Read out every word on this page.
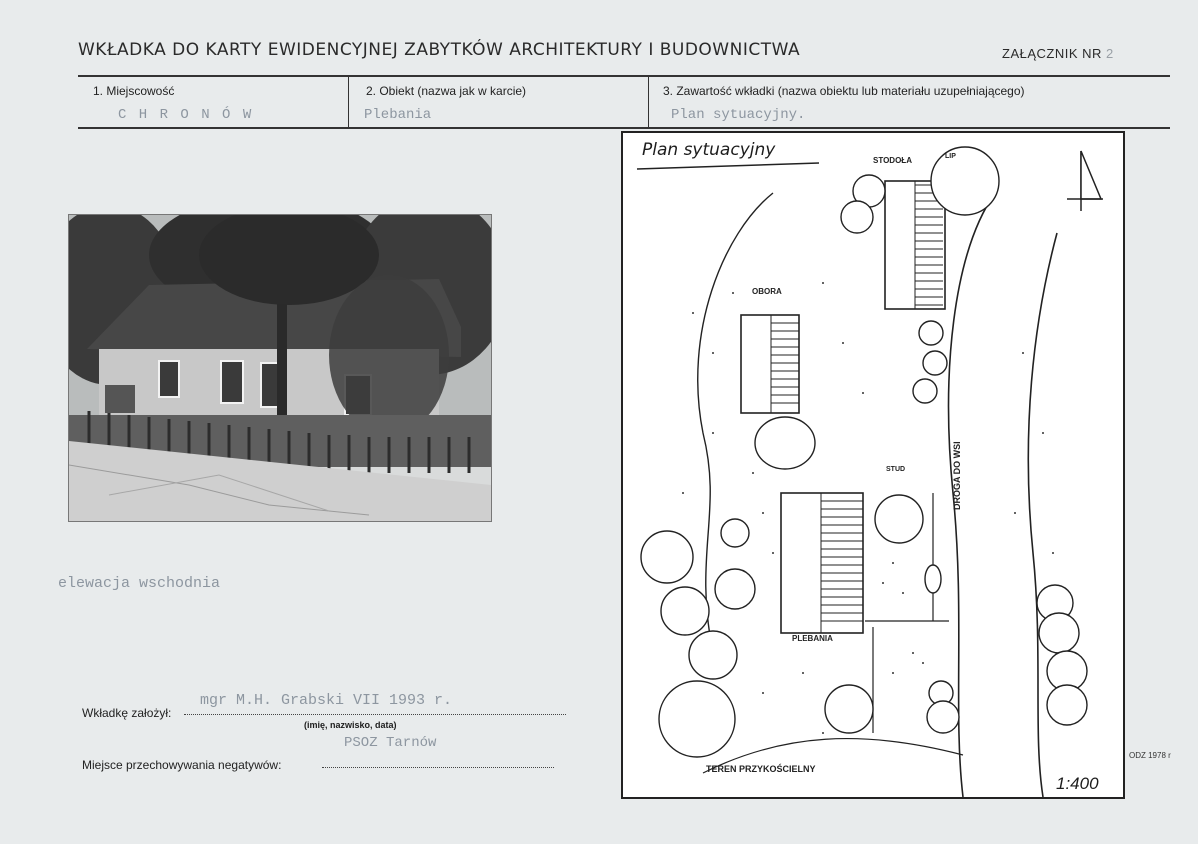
WKŁADKA DO KARTY EWIDENCYJNEJ ZABYTKÓW ARCHITEKTURY I BUDOWNICTWA	ZAŁĄCZNIK NR 2
1. Miejscowość
C H R O N Ó W
2. Obiekt (nazwa jak w karcie)
Plebania
3. Zawartość wkładki (nazwa obiektu lub materiału uzupełniającego)
Plan sytuacyjny.
elewacja wschodnia
Plan sytuacyjny
STODOŁA	LIP
OBORA
STUD
PLEBANIA
DROGA DO WSI
TEREN PRZYKOŚCIELNY
1:400
Wkładkę założył:
mgr M.H. Grabski VII 1993 r.
(imię, nazwisko, data)
PSOZ Tarnów
Miejsce przechowywania negatywów:
ODZ 1978 r
